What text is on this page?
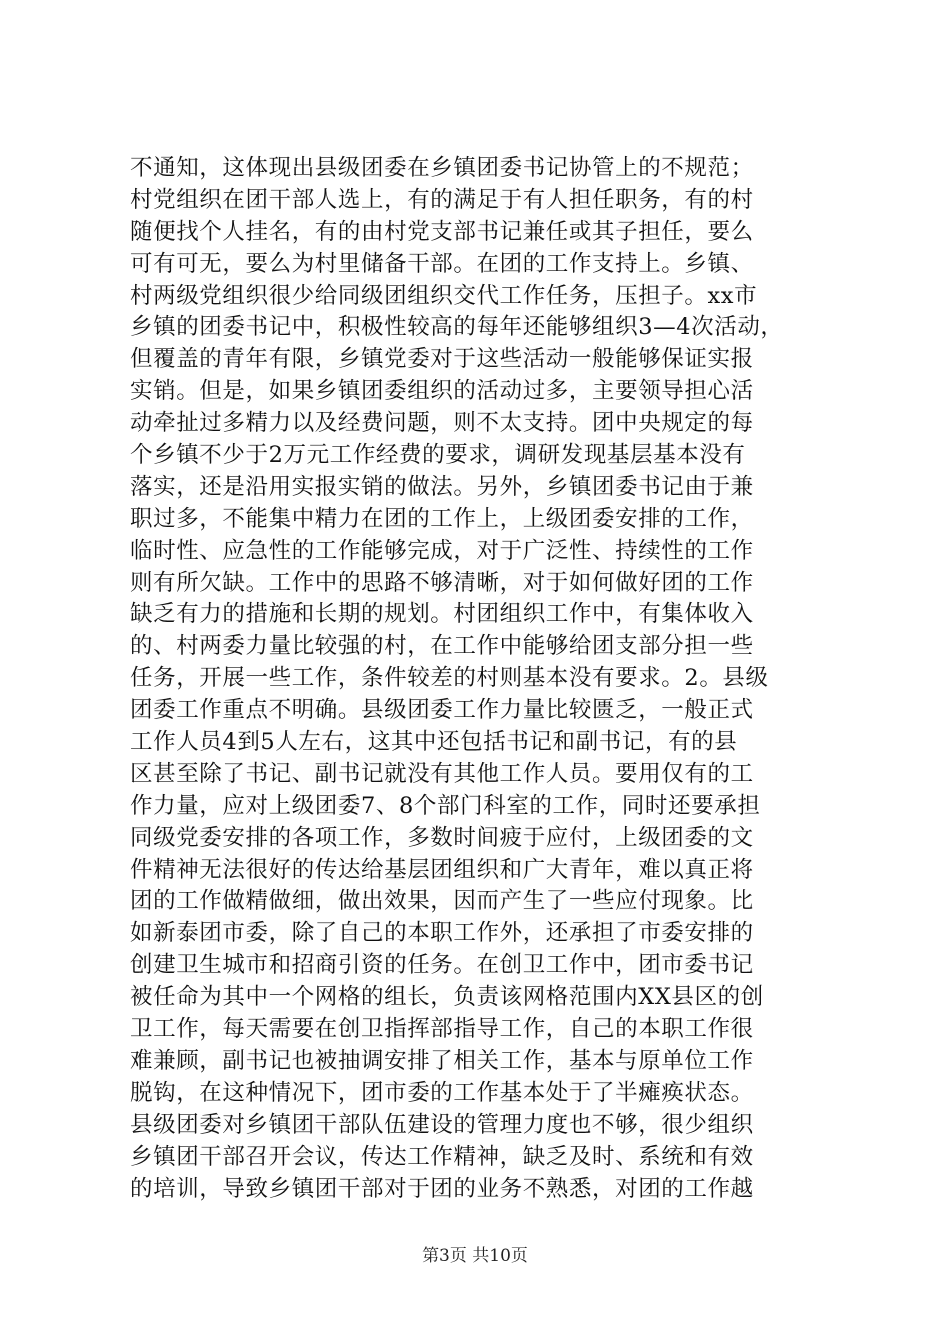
不通知，这体现出县级团委在乡镇团委书记协管上的不规范；
村党组织在团干部人选上，有的满足于有人担任职务，有的村
随便找个人挂名，有的由村党支部书记兼任或其子担任，要么
可有可无，要么为村里储备干部。在团的工作支持上。乡镇、
村两级党组织很少给同级团组织交代工作任务，压担子。xx市
乡镇的团委书记中，积极性较高的每年还能够组织3—4次活动，
但覆盖的青年有限，乡镇党委对于这些活动一般能够保证实报
实销。但是，如果乡镇团委组织的活动过多，主要领导担心活
动牵扯过多精力以及经费问题，则不太支持。团中央规定的每
个乡镇不少于2万元工作经费的要求，调研发现基层基本没有
落实，还是沿用实报实销的做法。另外，乡镇团委书记由于兼
职过多，不能集中精力在团的工作上，上级团委安排的工作，
临时性、应急性的工作能够完成，对于广泛性、持续性的工作
则有所欠缺。工作中的思路不够清晰，对于如何做好团的工作
缺乏有力的措施和长期的规划。村团组织工作中，有集体收入
的、村两委力量比较强的村，在工作中能够给团支部分担一些
任务，开展一些工作，条件较差的村则基本没有要求。2。县级
团委工作重点不明确。县级团委工作力量比较匮乏，一般正式
工作人员4到5人左右，这其中还包括书记和副书记，有的县
区甚至除了书记、副书记就没有其他工作人员。要用仅有的工
作力量，应对上级团委7、8个部门科室的工作，同时还要承担
同级党委安排的各项工作，多数时间疲于应付，上级团委的文
件精神无法很好的传达给基层团组织和广大青年，难以真正将
团的工作做精做细，做出效果，因而产生了一些应付现象。比
如新泰团市委，除了自己的本职工作外，还承担了市委安排的
创建卫生城市和招商引资的任务。在创卫工作中，团市委书记
被任命为其中一个网格的组长，负责该网格范围内XX县区的创
卫工作，每天需要在创卫指挥部指导工作，自己的本职工作很
难兼顾，副书记也被抽调安排了相关工作，基本与原单位工作
脱钩，在这种情况下，团市委的工作基本处于了半瘫痪状态。
县级团委对乡镇团干部队伍建设的管理力度也不够，很少组织
乡镇团干部召开会议，传达工作精神，缺乏及时、系统和有效
的培训，导致乡镇团干部对于团的业务不熟悉，对团的工作越
第3页 共10页
